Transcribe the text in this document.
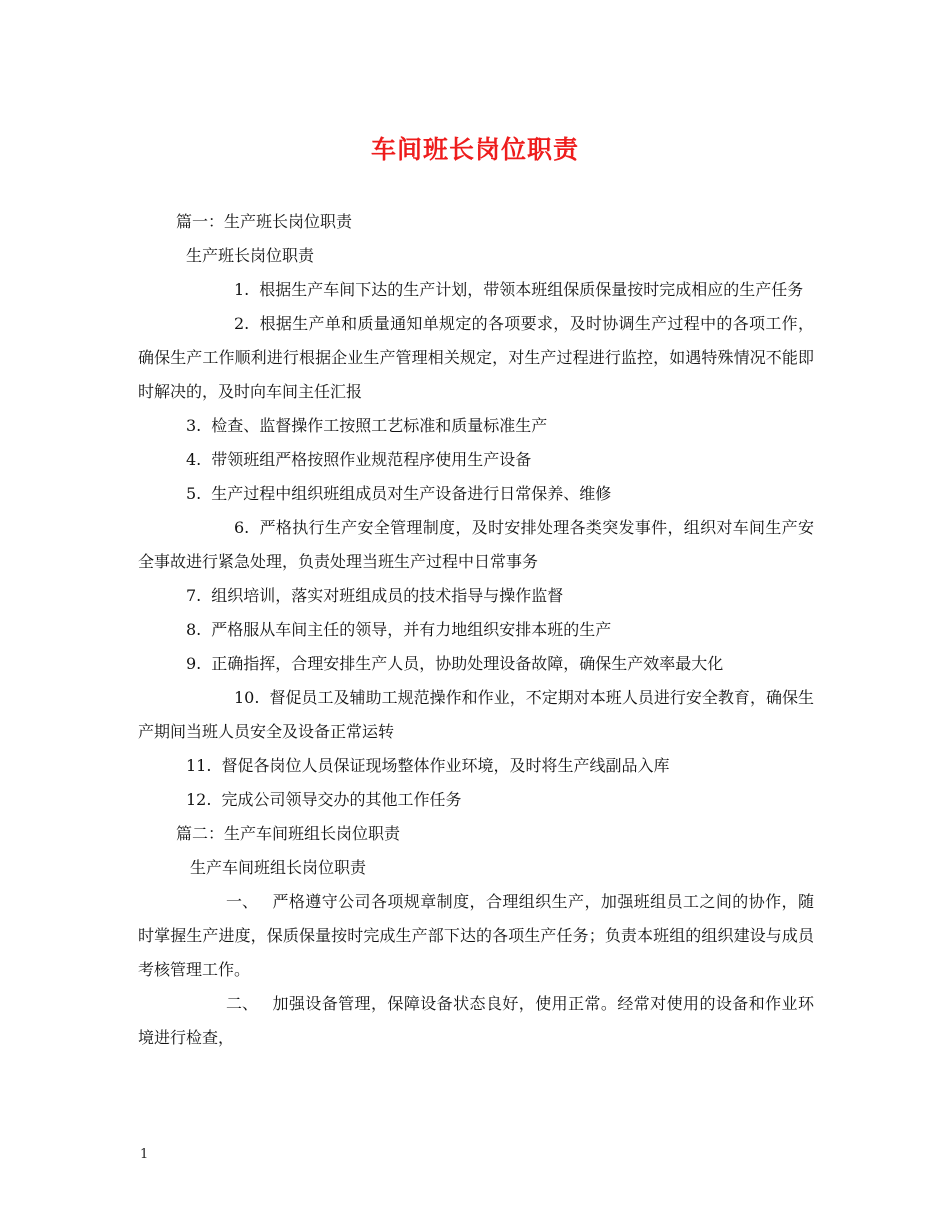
车间班长岗位职责

篇一：生产班长岗位职责

生产班长岗位职责

1. 根据生产车间下达的生产计划，带领本班组保质保量按时完成相应的生产任务

2. 根据生产单和质量通知单规定的各项要求，及时协调生产过程中的各项工作，确保生产工作顺利进行根据企业生产管理相关规定，对生产过程进行监控，如遇特殊情况不能即时解决的，及时向车间主任汇报

3. 检查、监督操作工按照工艺标准和质量标准生产

4. 带领班组严格按照作业规范程序使用生产设备

5. 生产过程中组织班组成员对生产设备进行日常保养、维修

6. 严格执行生产安全管理制度，及时安排处理各类突发事件，组织对车间生产安全事故进行紧急处理，负责处理当班生产过程中日常事务

7. 组织培训，落实对班组成员的技术指导与操作监督

8. 严格服从车间主任的领导，并有力地组织安排本班的生产

9. 正确指挥，合理安排生产人员，协助处理设备故障，确保生产效率最大化

10. 督促员工及辅助工规范操作和作业，不定期对本班人员进行安全教育，确保生产期间当班人员安全及设备正常运转

11. 督促各岗位人员保证现场整体作业环境，及时将生产线副品入库

12. 完成公司领导交办的其他工作任务

篇二：生产车间班组长岗位职责

生产车间班组长岗位职责

一、 严格遵守公司各项规章制度，合理组织生产，加强班组员工之间的协作，随时掌握生产进度，保质保量按时完成生产部下达的各项生产任务；负责本班组的组织建设与成员考核管理工作。

二、 加强设备管理，保障设备状态良好，使用正常。经常对使用的设备和作业环境进行检查，

1
